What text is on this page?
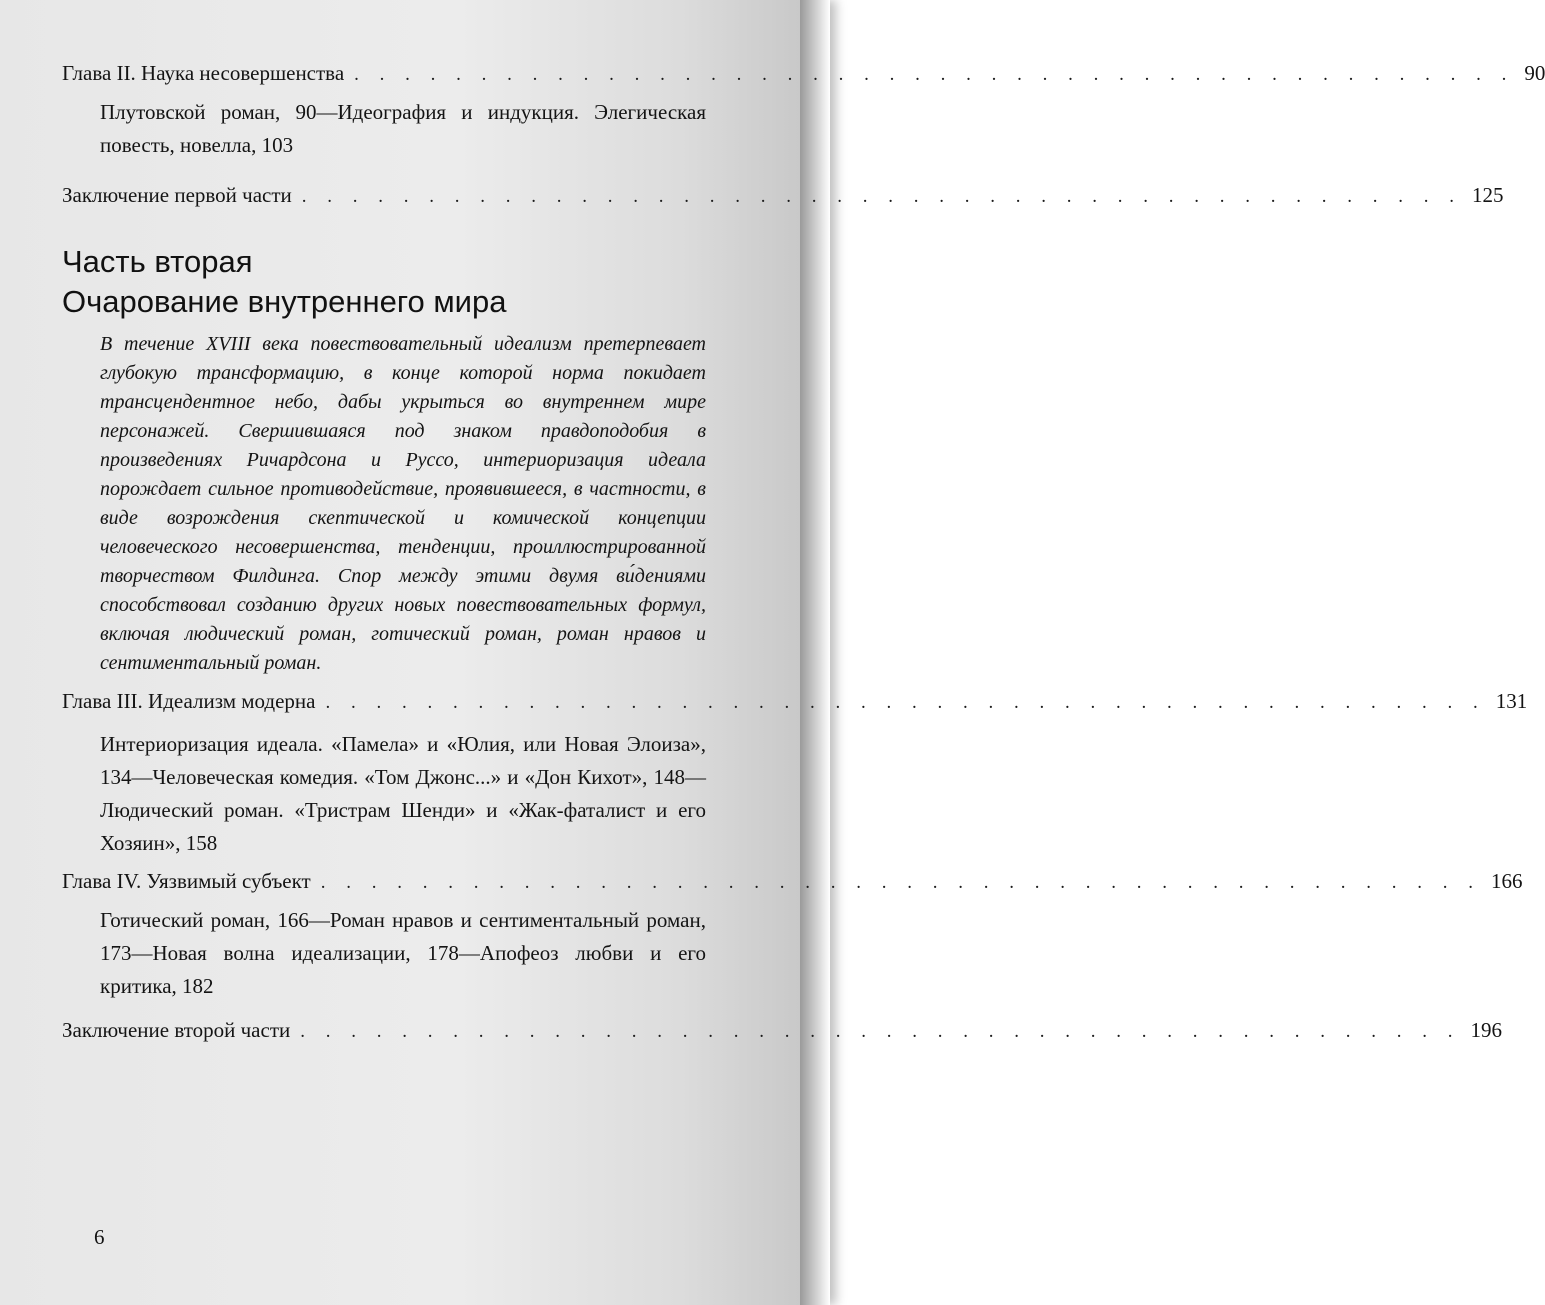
Глава II. Наука несовершенства . . . . . . . . . . . . . . . . . . . . . . . . . . . . . . . . . . . . . . . . . . . . . . 90
Плутовской роман, 90—Идеография и индукция. Элегическая повесть, новелла, 103
Заключение первой части . . . . . . . . . . . . . . . . . . . . . . . . . . . . . . . . . . . . . . . . . . . . . . 125
Часть вторая
Очарование внутреннего мира
В течение XVIII века повествовательный идеализм претерпевает глубокую трансформацию, в конце которой норма покидает трансцендентное небо, дабы укрыться во внутреннем мире персонажей. Свершившаяся под знаком правдоподобия в произведениях Ричардсона и Руссо, интериоризация идеала порождает сильное противодействие, проявившееся, в частности, в виде возрождения скептической и комической концепции человеческого несовершенства, тенденции, проиллюстрированной творчеством Филдинга. Спор между этими двумя ви́дениями способствовал созданию других новых повествовательных формул, включая людический роман, готический роман, роман нравов и сентиментальный роман.
Глава III. Идеализм модерна . . . . . . . . . . . . . . . . . . . . . . . . . . . . . . . . . . . . . . . . . . . . . . 131
Интериоризация идеала. «Памела» и «Юлия, или Новая Элоиза», 134—Человеческая комедия. «Том Джонс...» и «Дон Кихот», 148—Людический роман. «Тристрам Шенди» и «Жак-фаталист и его Хозяин», 158
Глава IV. Уязвимый субъект . . . . . . . . . . . . . . . . . . . . . . . . . . . . . . . . . . . . . . . . . . . . . . 166
Готический роман, 166—Роман нравов и сентиментальный роман, 173—Новая волна идеализации, 178—Апофеоз любви и его критика, 182
Заключение второй части . . . . . . . . . . . . . . . . . . . . . . . . . . . . . . . . . . . . . . . . . . . . . . 196
6
